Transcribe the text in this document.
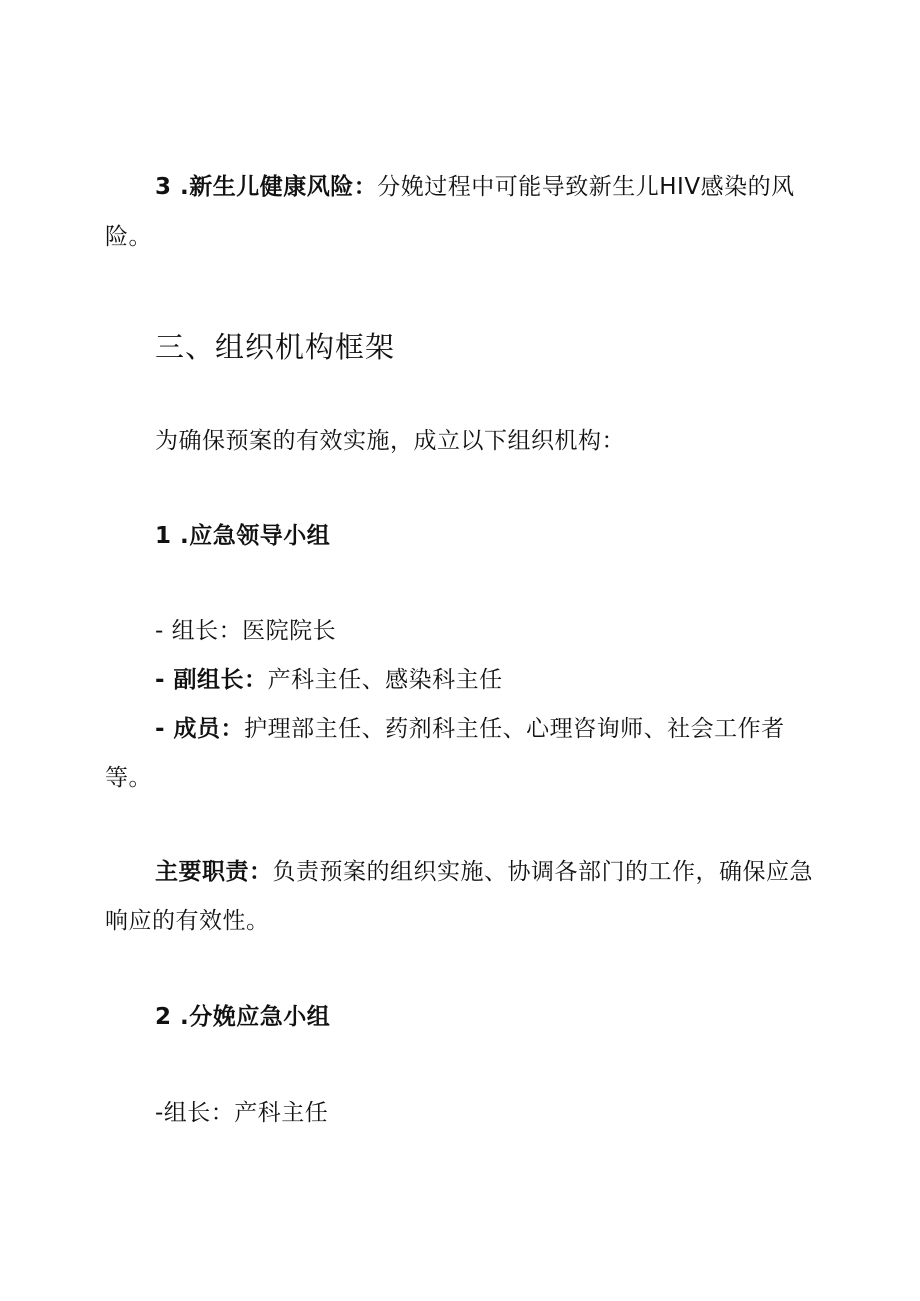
3 .新生儿健康风险：分娩过程中可能导致新生儿HIV感染的风
险。
三、组织机构框架
为确保预案的有效实施，成立以下组织机构：
1 .应急领导小组
- 组长：医院院长
- 副组长：产科主任、感染科主任
- 成员：护理部主任、药剂科主任、心理咨询师、社会工作者
等。
主要职责：负责预案的组织实施、协调各部门的工作，确保应急
响应的有效性。
2 .分娩应急小组
-组长：产科主任
